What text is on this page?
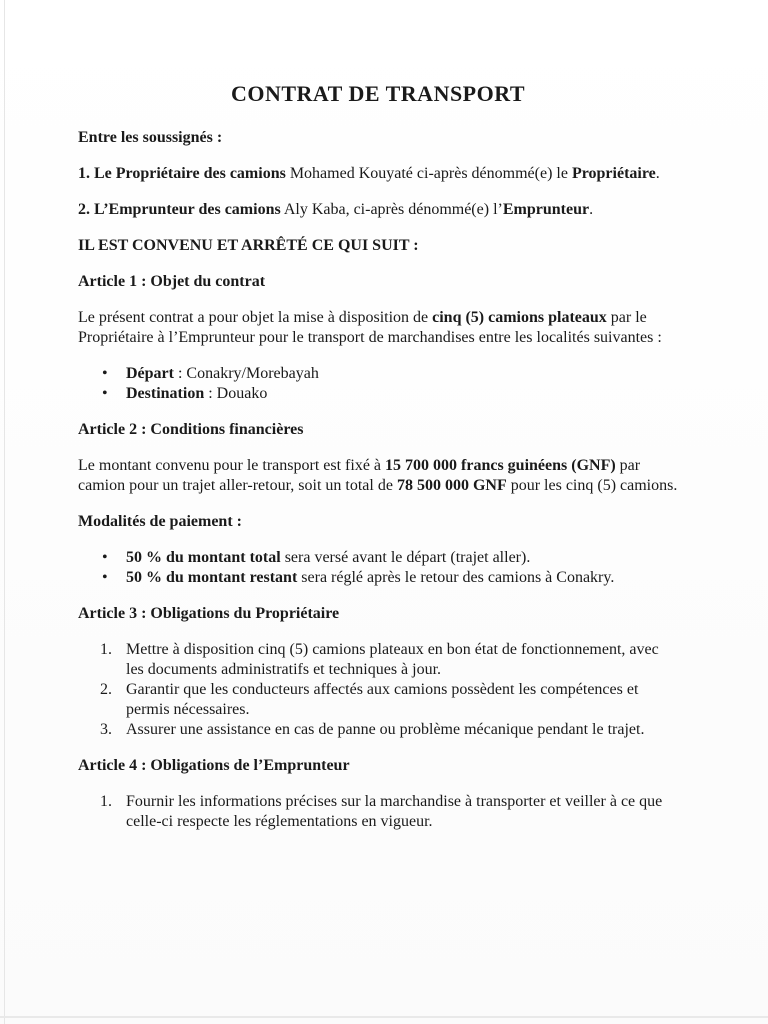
CONTRAT DE TRANSPORT

Entre les soussignés :

1. Le Propriétaire des camions Mohamed Kouyaté ci-après dénommé(e) le Propriétaire.

2. L’Emprunteur des camions Aly Kaba, ci-après dénommé(e) l’Emprunteur.

IL EST CONVENU ET ARRÊTÉ CE QUI SUIT :

Article 1 : Objet du contrat

Le présent contrat a pour objet la mise à disposition de cinq (5) camions plateaux par le Propriétaire à l’Emprunteur pour le transport de marchandises entre les localités suivantes :

• Départ : Conakry/Morebayah
• Destination : Douako

Article 2 : Conditions financières

Le montant convenu pour le transport est fixé à 15 700 000 francs guinéens (GNF) par camion pour un trajet aller-retour, soit un total de 78 500 000 GNF pour les cinq (5) camions.

Modalités de paiement :

• 50 % du montant total sera versé avant le départ (trajet aller).
• 50 % du montant restant sera réglé après le retour des camions à Conakry.

Article 3 : Obligations du Propriétaire

1. Mettre à disposition cinq (5) camions plateaux en bon état de fonctionnement, avec les documents administratifs et techniques à jour.
2. Garantir que les conducteurs affectés aux camions possèdent les compétences et permis nécessaires.
3. Assurer une assistance en cas de panne ou problème mécanique pendant le trajet.

Article 4 : Obligations de l’Emprunteur

1. Fournir les informations précises sur la marchandise à transporter et veiller à ce que celle-ci respecte les réglementations en vigueur.
